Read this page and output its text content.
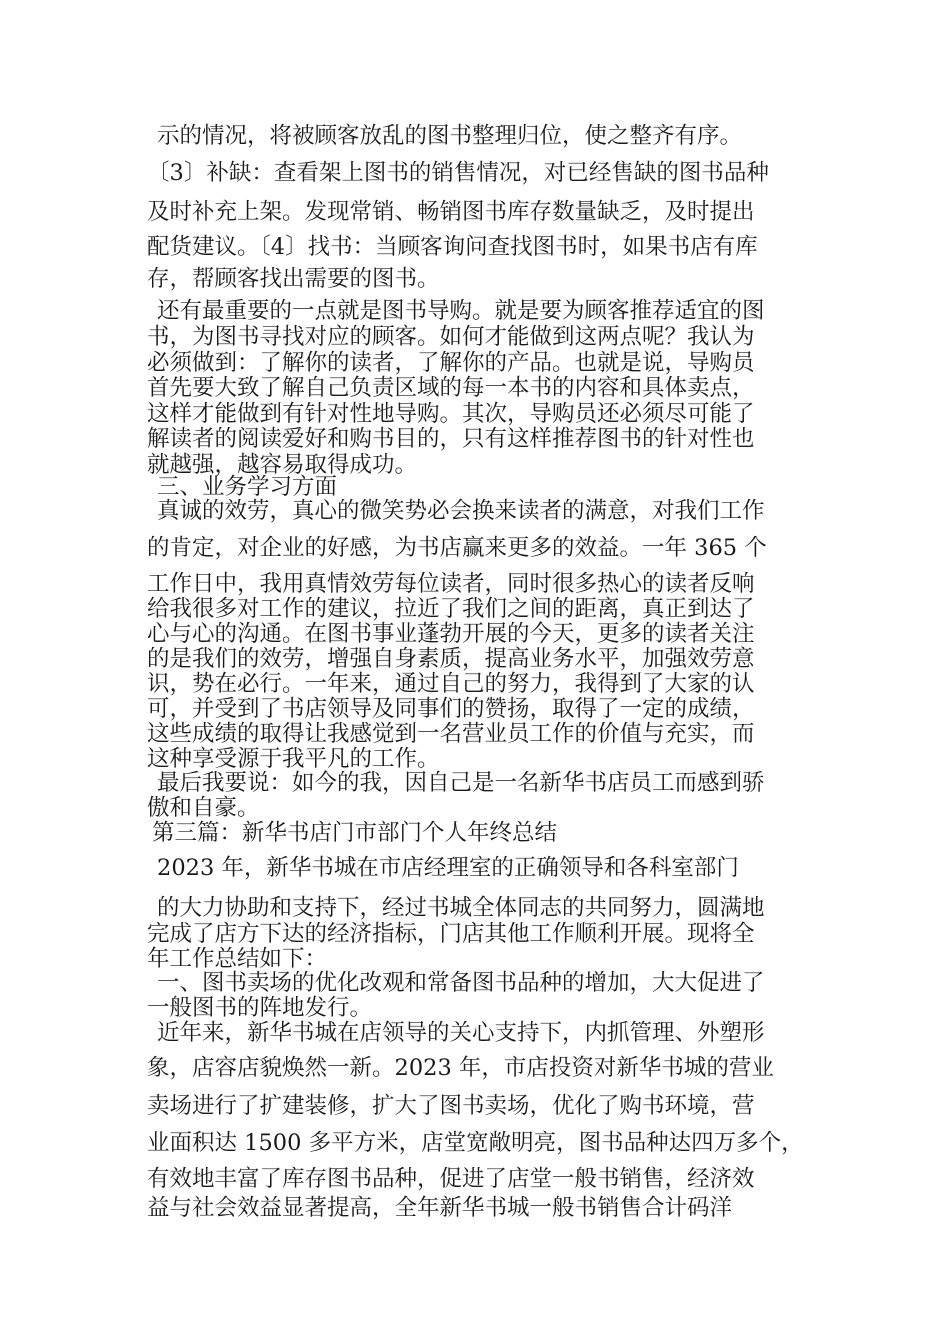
示的情况，将被顾客放乱的图书整理归位，使之整齐有序。
〔3〕补缺：查看架上图书的销售情况，对已经售缺的图书品种
及时补充上架。发现常销、畅销图书库存数量缺乏，及时提出
配货建议。〔4〕找书：当顾客询问查找图书时，如果书店有库
存，帮顾客找出需要的图书。
还有最重要的一点就是图书导购。就是要为顾客推荐适宜的图
书，为图书寻找对应的顾客。如何才能做到这两点呢？我认为
必须做到：了解你的读者，了解你的产品。也就是说，导购员
首先要大致了解自己负责区域的每一本书的内容和具体卖点，
这样才能做到有针对性地导购。其次，导购员还必须尽可能了
解读者的阅读爱好和购书目的，只有这样推荐图书的针对性也
就越强，越容易取得成功。
三、业务学习方面
真诚的效劳，真心的微笑势必会换来读者的满意，对我们工作
的肯定，对企业的好感，为书店赢来更多的效益。一年 365 个
工作日中，我用真情效劳每位读者，同时很多热心的读者反响
给我很多对工作的建议，拉近了我们之间的距离，真正到达了
心与心的沟通。在图书事业蓬勃开展的今天，更多的读者关注
的是我们的效劳，增强自身素质，提高业务水平，加强效劳意
识，势在必行。一年来，通过自己的努力，我得到了大家的认
可，并受到了书店领导及同事们的赞扬，取得了一定的成绩，
这些成绩的取得让我感觉到一名营业员工作的价值与充实，而
这种享受源于我平凡的工作。
最后我要说：如今的我，因自己是一名新华书店员工而感到骄
傲和自豪。
第三篇：新华书店门市部门个人年终总结
2023 年，新华书城在市店经理室的正确领导和各科室部门
的大力协助和支持下，经过书城全体同志的共同努力，圆满地
完成了店方下达的经济指标，门店其他工作顺利开展。现将全
年工作总结如下：
一、图书卖场的优化改观和常备图书品种的增加，大大促进了
一般图书的阵地发行。
近年来，新华书城在店领导的关心支持下，内抓管理、外塑形
象，店容店貌焕然一新。2023 年，市店投资对新华书城的营业
卖场进行了扩建装修，扩大了图书卖场，优化了购书环境，营
业面积达 1500 多平方米，店堂宽敞明亮，图书品种达四万多个，
有效地丰富了库存图书品种，促进了店堂一般书销售，经济效
益与社会效益显著提高，全年新华书城一般书销售合计码洋
